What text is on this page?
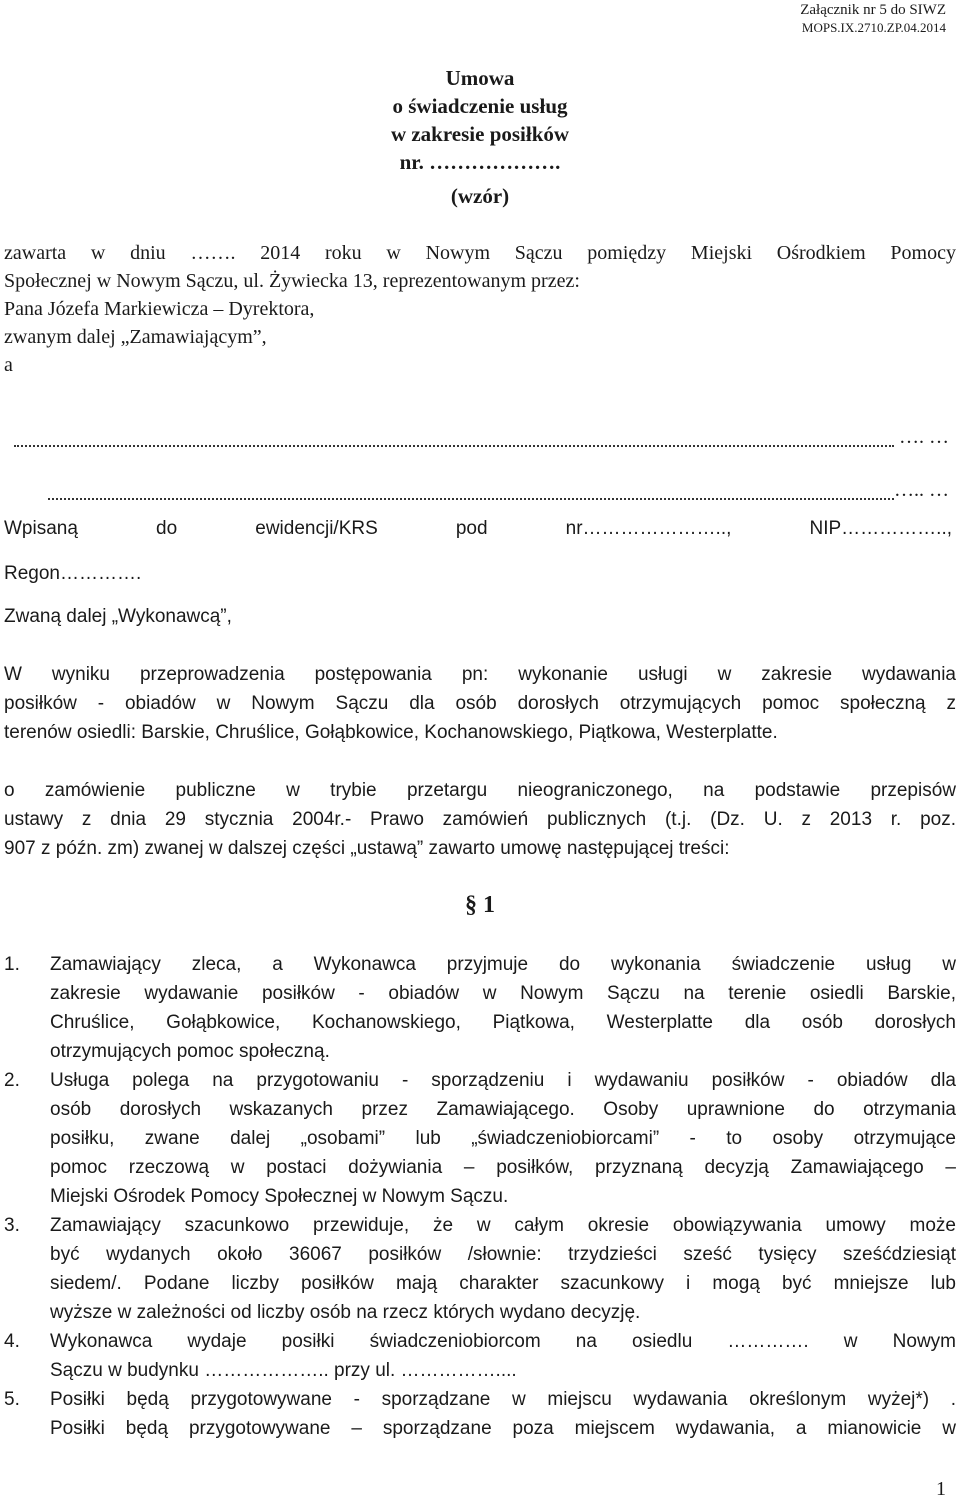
Załącznik nr 5 do SIWZ
MOPS.IX.2710.ZP.04.2014
Umowa
o świadczenie usług
w zakresie posiłków
nr. ……………….
(wzór)
zawarta w dniu ……. 2014 roku w Nowym Sączu pomiędzy Miejski Ośrodkiem Pomocy
Społecznej w Nowym Sączu, ul. Żywiecka 13, reprezentowanym przez:
Pana Józefa Markiewicza – Dyrektora,
zwanym dalej „Zamawiającym”,
a
…. …
….. …
Wpisaną do ewidencji/KRS pod nr………………….., NIP……………..,
Regon………….
Zwaną dalej „Wykonawcą”,
W wyniku przeprowadzenia postępowania pn: wykonanie usługi w zakresie wydawania
posiłków - obiadów w Nowym Sączu dla osób dorosłych otrzymujących pomoc społeczną z
terenów osiedli: Barskie, Chruślice, Gołąbkowice, Kochanowskiego, Piątkowa, Westerplatte.
o zamówienie publiczne w trybie przetargu nieograniczonego, na podstawie przepisów
ustawy z dnia 29 stycznia 2004r.- Prawo zamówień publicznych (t.j. (Dz. U. z 2013 r. poz.
907 z późn. zm) zwanej w dalszej części „ustawą” zawarto umowę następującej treści:
§ 1
1. Zamawiający zleca, a Wykonawca przyjmuje do wykonania świadczenie usług w
zakresie wydawanie posiłków - obiadów w Nowym Sączu na terenie osiedli Barskie,
Chruślice, Gołąbkowice, Kochanowskiego, Piątkowa, Westerplatte dla osób dorosłych
otrzymujących pomoc społeczną.
2. Usługa polega na przygotowaniu - sporządzeniu i wydawaniu posiłków - obiadów dla
osób dorosłych wskazanych przez Zamawiającego. Osoby uprawnione do otrzymania
posiłku, zwane dalej „osobami” lub „świadczeniobiorcami” - to osoby otrzymujące
pomoc rzeczową w postaci dożywiania – posiłków, przyznaną decyzją Zamawiającego –
Miejski Ośrodek Pomocy Społecznej w Nowym Sączu.
3. Zamawiający szacunkowo przewiduje, że w całym okresie obowiązywania umowy może
być wydanych około 36067 posiłków /słownie: trzydzieści sześć tysięcy sześćdziesiąt
siedem/. Podane liczby posiłków mają charakter szacunkowy i mogą być mniejsze lub
wyższe w zależności od liczby osób na rzecz których wydano decyzję.
4. Wykonawca wydaje posiłki świadczeniobiorcom na osiedlu …………. w Nowym
Sączu w budynku ……………….. przy ul. ……………....
5. Posiłki będą przygotowywane - sporządzane w miejscu wydawania określonym wyżej*) .
Posiłki będą przygotowywane – sporządzane poza miejscem wydawania, a mianowicie w
1
